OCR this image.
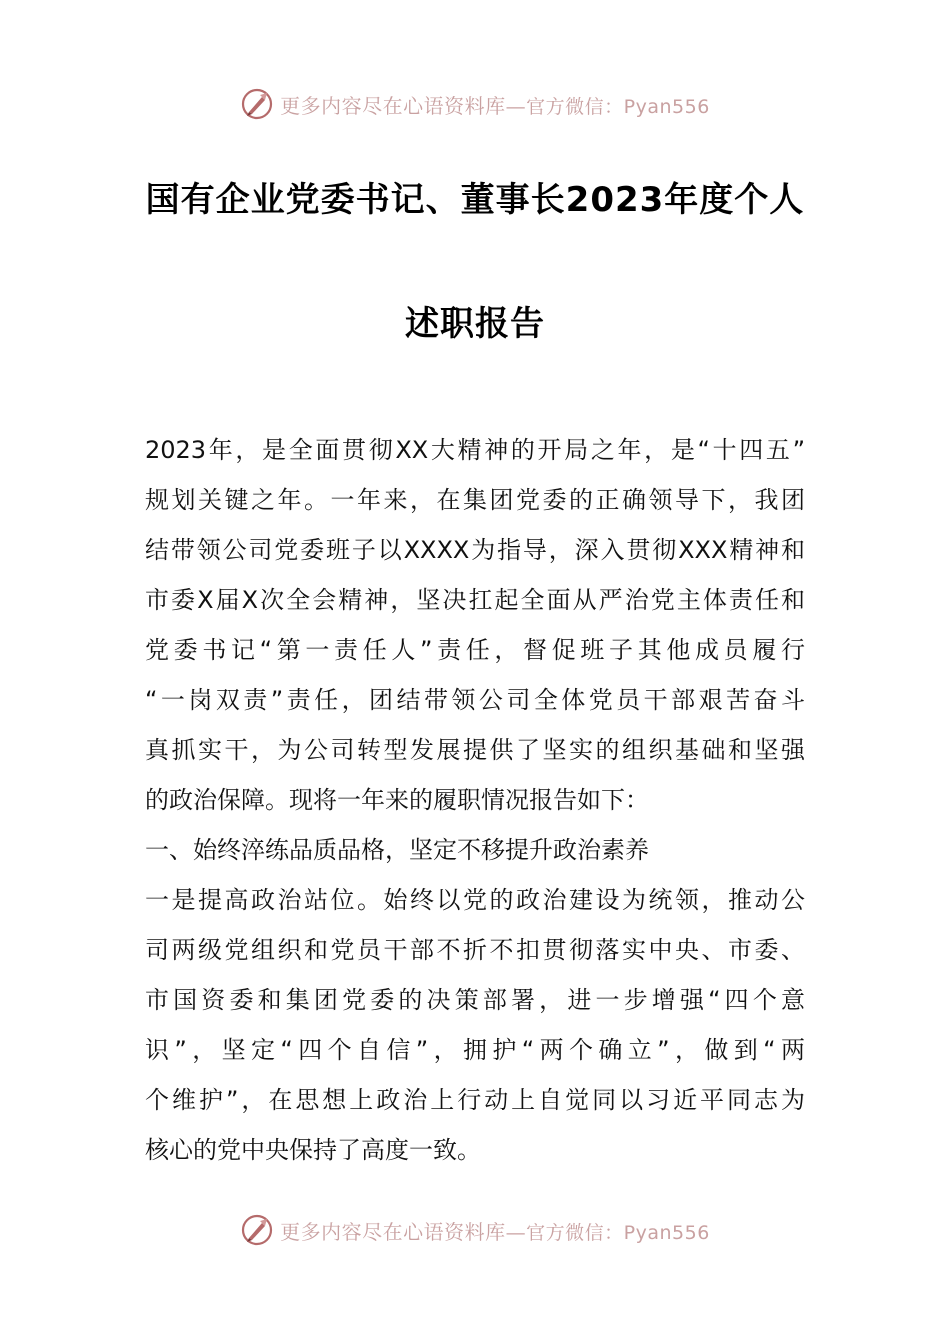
更多内容尽在心语资料库—官方微信：Pyan556
国有企业党委书记、董事长2023年度个人
述职报告
2023年，是全面贯彻XX大精神的开局之年，是“十四五”
规划关键之年。一年来，在集团党委的正确领导下，我团
结带领公司党委班子以XXXX为指导，深入贯彻XXX精神和
市委X届X次全会精神，坚决扛起全面从严治党主体责任和
党委书记“第一责任人”责任，督促班子其他成员履行
“一岗双责”责任，团结带领公司全体党员干部艰苦奋斗
真抓实干，为公司转型发展提供了坚实的组织基础和坚强
的政治保障。现将一年来的履职情况报告如下：
一、始终淬练品质品格，坚定不移提升政治素养
一是提高政治站位。始终以党的政治建设为统领，推动公
司两级党组织和党员干部不折不扣贯彻落实中央、市委、
市国资委和集团党委的决策部署，进一步增强“四个意
识”，坚定“四个自信”，拥护“两个确立”，做到“两
个维护”，在思想上政治上行动上自觉同以习近平同志为
核心的党中央保持了高度一致。
更多内容尽在心语资料库—官方微信：Pyan556
